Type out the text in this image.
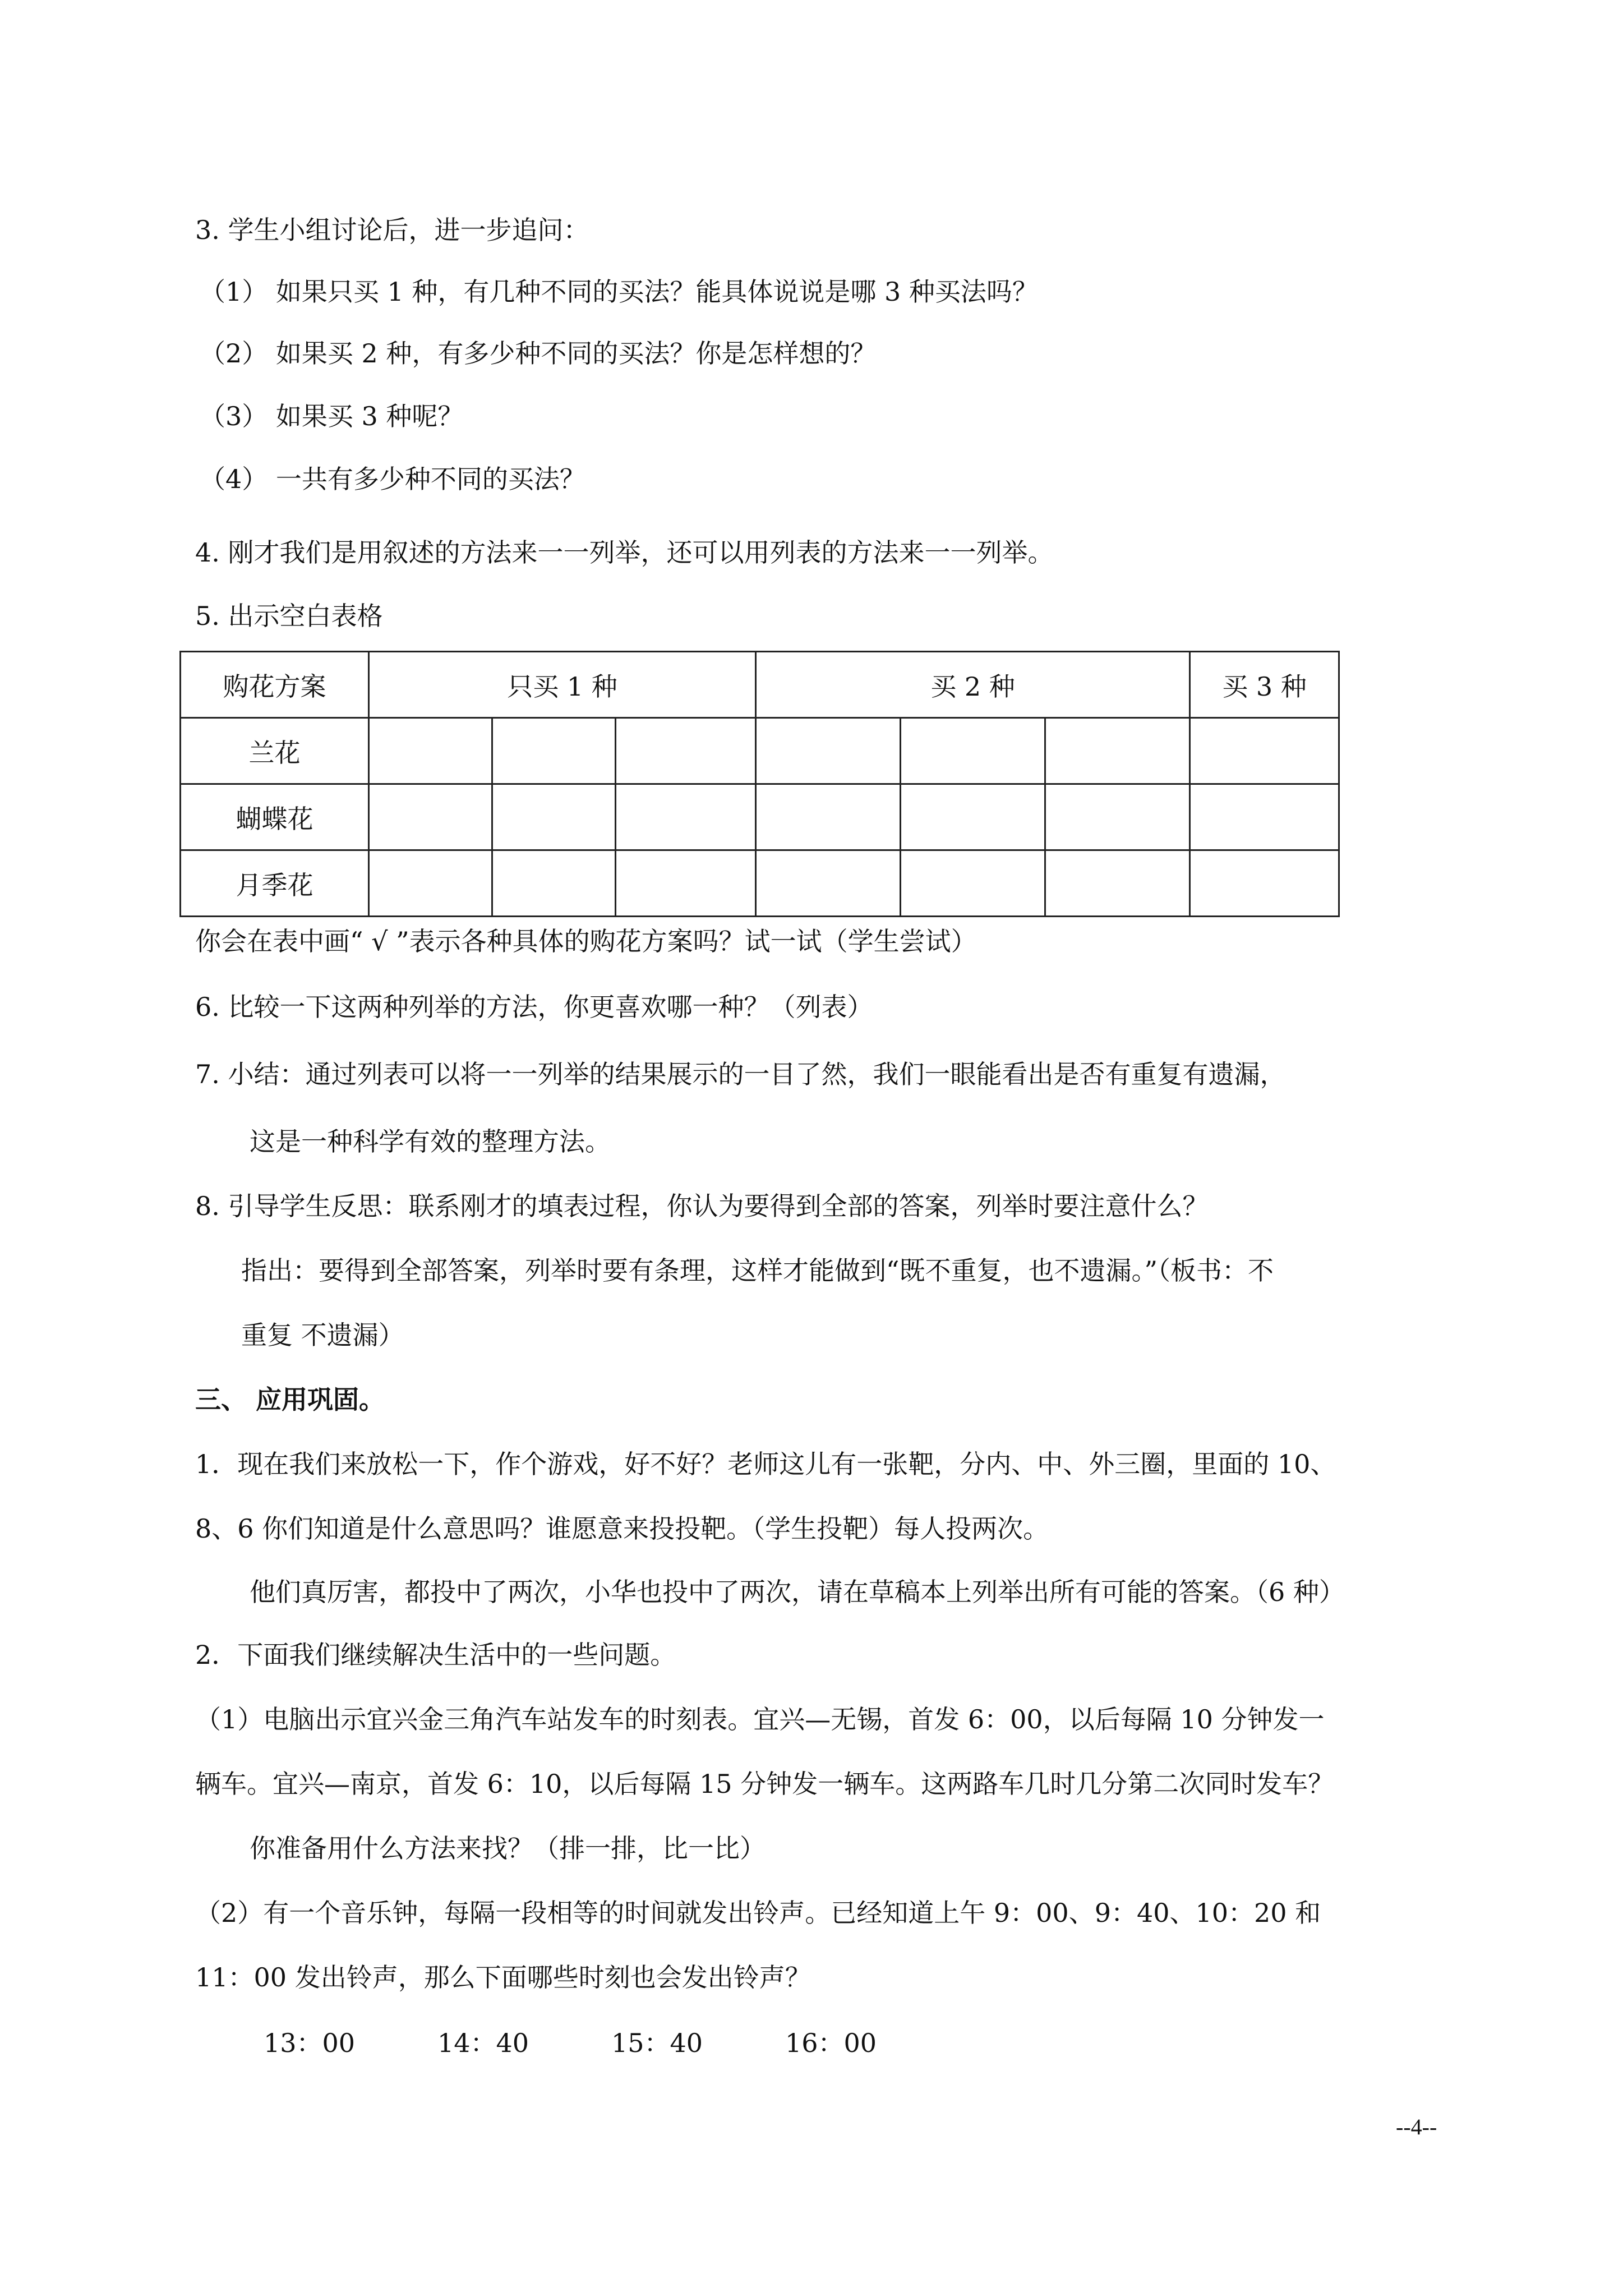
3. 学生小组讨论后，进一步追问：
（1） 如果只买 1 种，有几种不同的买法？能具体说说是哪 3 种买法吗？
（2） 如果买 2 种，有多少种不同的买法？你是怎样想的？
（3） 如果买 3 种呢？
（4） 一共有多少种不同的买法？
4. 刚才我们是用叙述的方法来一一列举，还可以用列表的方法来一一列举。
5. 出示空白表格
购花方案	只买 1 种			买 2 种			买 3 种
兰花							
蝴蝶花							
月季花							
你会在表中画“ √ ”表示各种具体的购花方案吗？试一试（学生尝试）
6. 比较一下这两种列举的方法，你更喜欢哪一种？（列表）
7. 小结：通过列表可以将一一列举的结果展示的一目了然，我们一眼能看出是否有重复有遗漏，
这是一种科学有效的整理方法。
8. 引导学生反思：联系刚才的填表过程，你认为要得到全部的答案，列举时要注意什么？
指出：要得到全部答案，列举时要有条理，这样才能做到“既不重复，也不遗漏。”（板书：不
重复 不遗漏）
三、 应用巩固。
1．现在我们来放松一下，作个游戏，好不好？老师这儿有一张靶，分内、中、外三圈，里面的 10、
8、6 你们知道是什么意思吗？谁愿意来投投靶。（学生投靶）每人投两次。
他们真厉害，都投中了两次，小华也投中了两次，请在草稿本上列举出所有可能的答案。（6 种）
2．下面我们继续解决生活中的一些问题。
（1）电脑出示宜兴金三角汽车站发车的时刻表。宜兴—无锡，首发 6：00，以后每隔 10 分钟发一
辆车。宜兴—南京，首发 6：10，以后每隔 15 分钟发一辆车。这两路车几时几分第二次同时发车？
你准备用什么方法来找？（排一排，比一比）
（2）有一个音乐钟，每隔一段相等的时间就发出铃声。已经知道上午 9：00、9：40、10：20 和
11：00 发出铃声，那么下面哪些时刻也会发出铃声？
13：00	14：40	15：40	16：00
--4--
